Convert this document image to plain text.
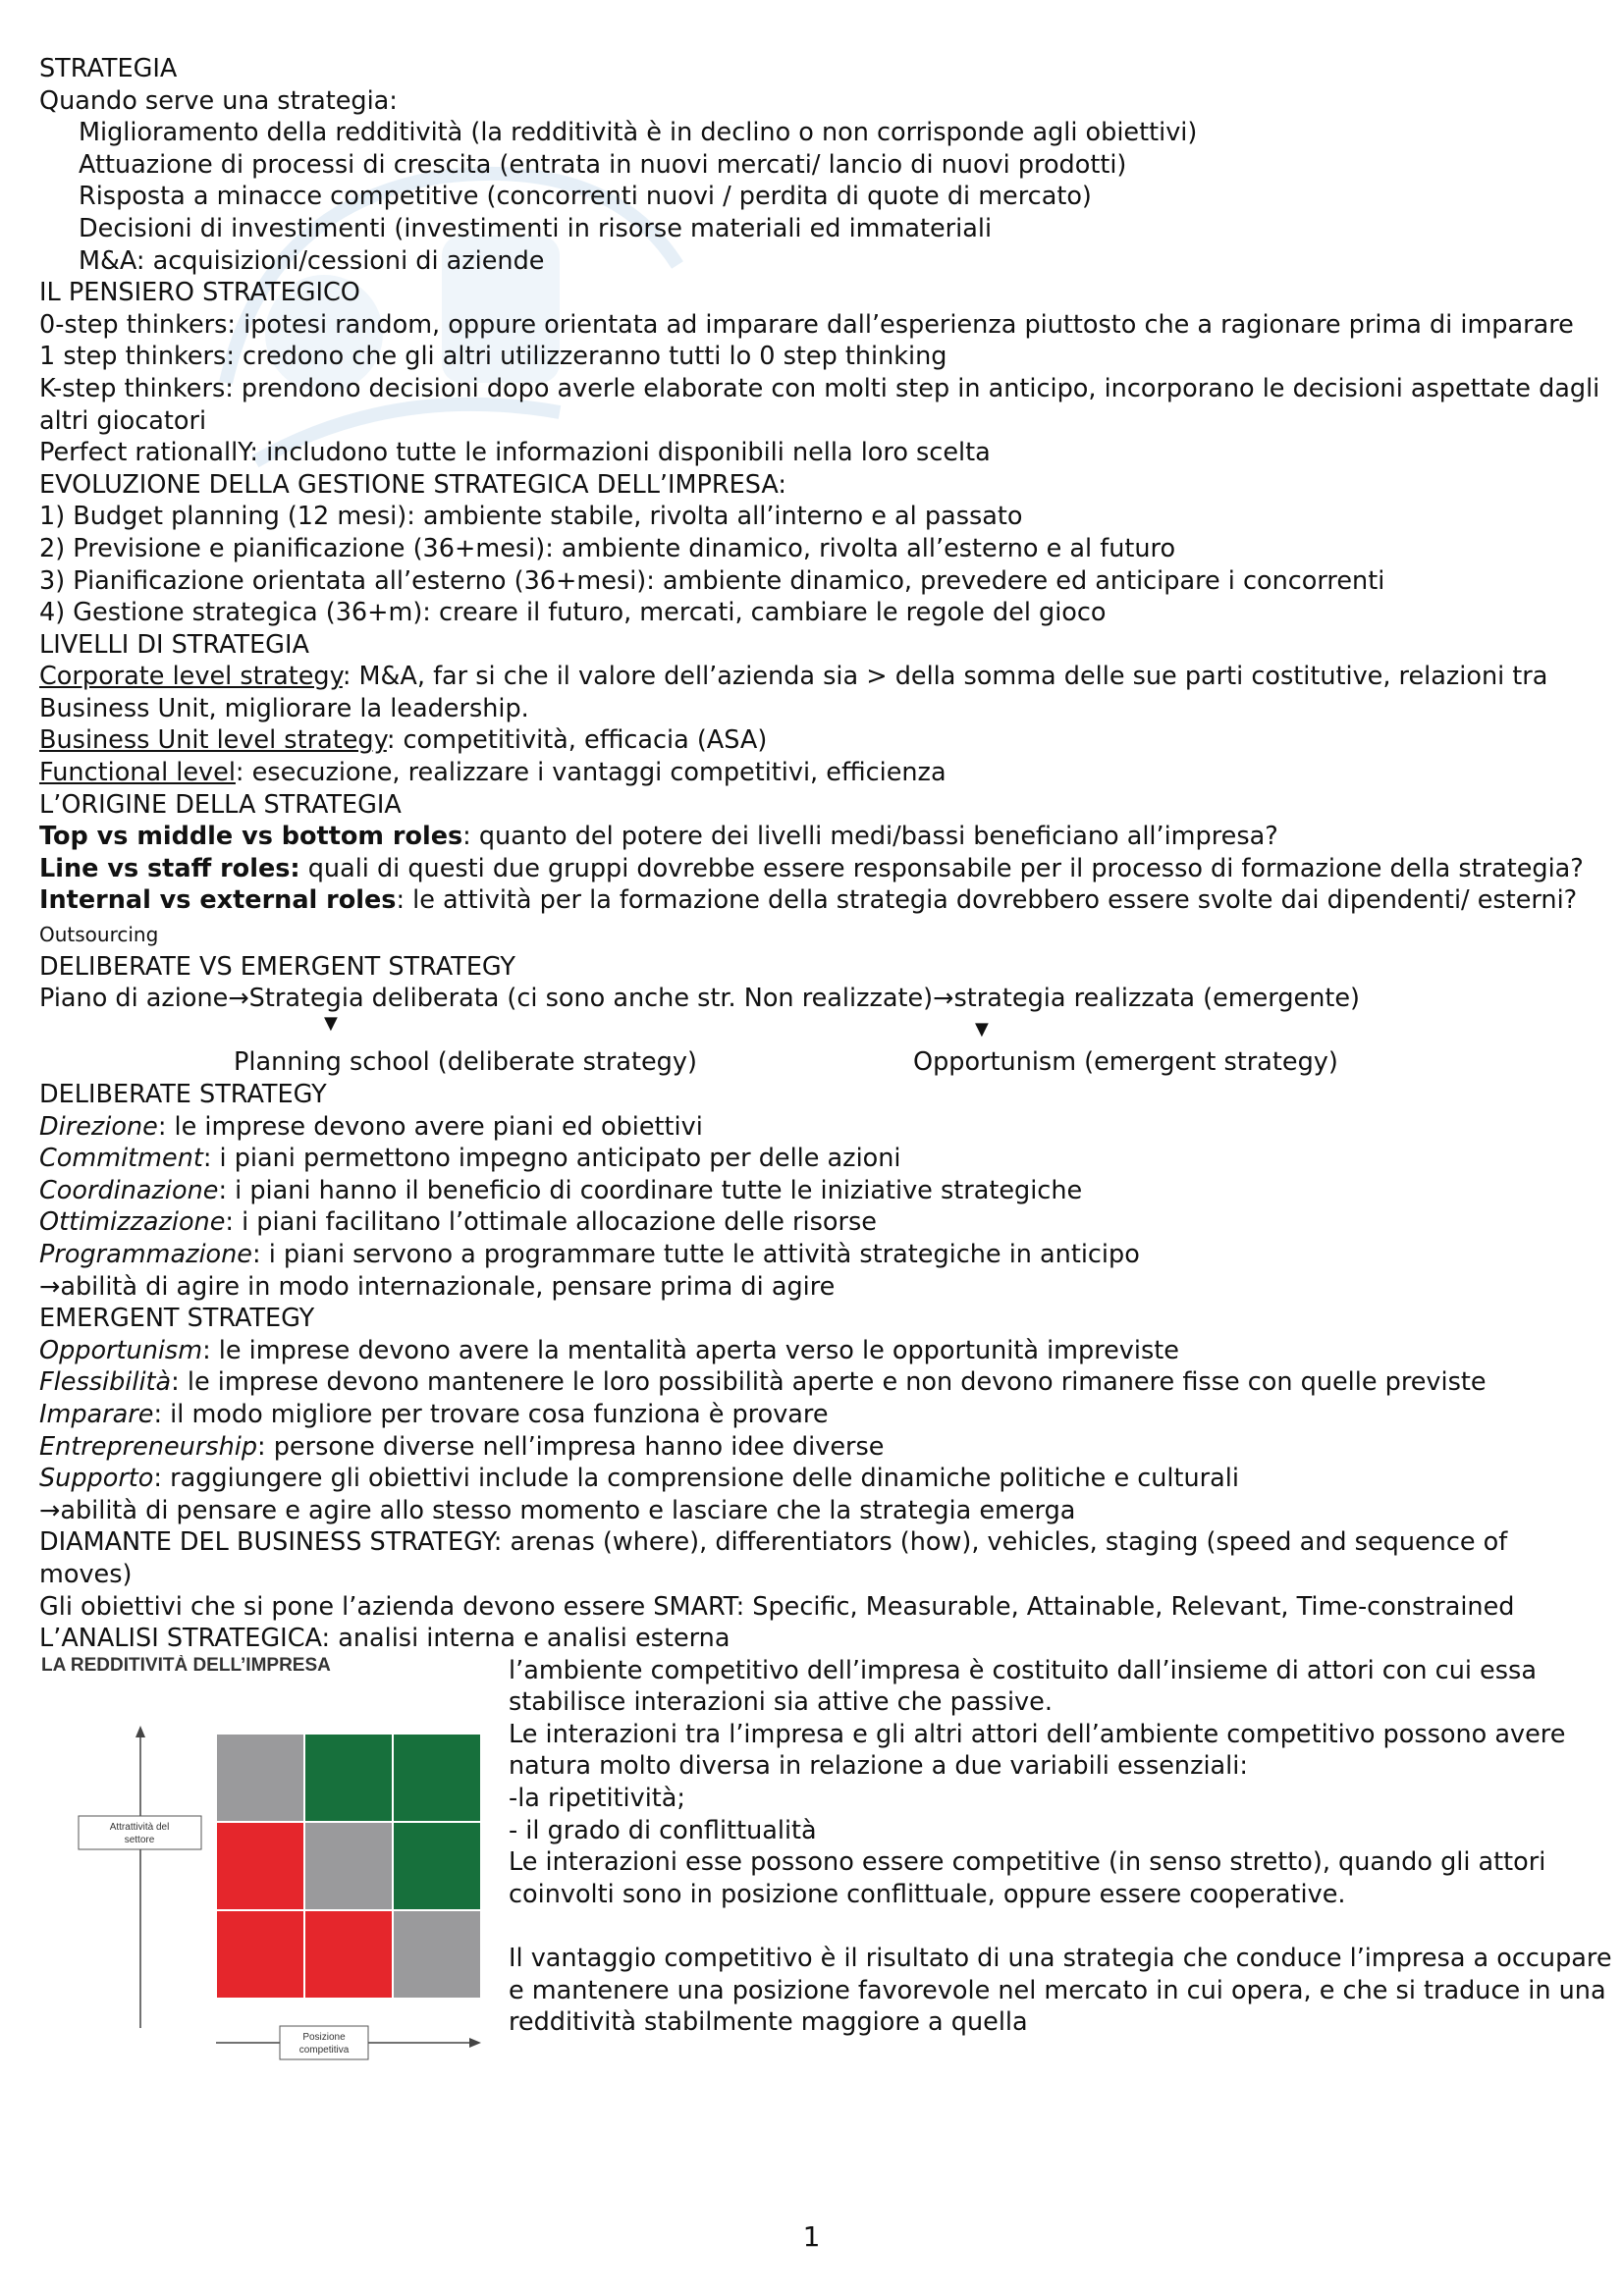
STRATEGIA

Quando serve una strategia:

Miglioramento della redditività (la redditività è in declino o non corrisponde agli obiettivi)

Attuazione di processi di crescita (entrata in nuovi mercati/ lancio di nuovi prodotti)

Risposta a minacce competitive (concorrenti nuovi / perdita di quote di mercato)

Decisioni di investimenti (investimenti in risorse materiali ed immateriali

M&A: acquisizioni/cessioni di aziende

IL PENSIERO STRATEGICO

0-step thinkers: ipotesi random, oppure orientata ad imparare dall’esperienza piuttosto che a ragionare prima di imparare

1 step thinkers: credono che gli altri utilizzeranno tutti lo 0 step thinking

K-step thinkers: prendono decisioni dopo averle elaborate con molti step in anticipo, incorporano le decisioni aspettate dagli altri giocatori

Perfect rationallY: includono tutte le informazioni disponibili nella loro scelta

EVOLUZIONE DELLA GESTIONE STRATEGICA DELL’IMPRESA:

1) Budget planning (12 mesi): ambiente stabile, rivolta all’interno e al passato

2) Previsione e pianificazione (36+mesi): ambiente dinamico, rivolta all’esterno e al futuro

3) Pianificazione orientata all’esterno (36+mesi): ambiente dinamico, prevedere ed anticipare i concorrenti

4) Gestione strategica (36+m): creare il futuro, mercati, cambiare le regole del gioco

LIVELLI DI STRATEGIA

Corporate level strategy: M&A, far si che il valore dell’azienda sia > della somma delle sue parti costitutive, relazioni tra Business Unit, migliorare la leadership.

Business Unit level strategy: competitività, efficacia (ASA)

Functional level: esecuzione, realizzare i vantaggi competitivi, efficienza

L’ORIGINE DELLA STRATEGIA

Top vs middle vs bottom roles: quanto del potere dei livelli medi/bassi beneficiano all’impresa?

Line vs staff roles: quali di questi due gruppi dovrebbe essere responsabile per il processo di formazione della strategia?

Internal vs external roles: le attività per la formazione della strategia dovrebbero essere svolte dai dipendenti/ esterni? Outsourcing

DELIBERATE VS EMERGENT STRATEGY

Piano di azione→Strategia deliberata (ci sono anche str. Non realizzate)→strategia realizzata (emergente)

▼	▼
Planning school (deliberate strategy)	Opportunism (emergent strategy)

DELIBERATE STRATEGY

Direzione: le imprese devono avere piani ed obiettivi

Commitment: i piani permettono impegno anticipato per delle azioni

Coordinazione: i piani hanno il beneficio di coordinare tutte le iniziative strategiche

Ottimizzazione: i piani facilitano l’ottimale allocazione delle risorse

Programmazione: i piani servono a programmare tutte le attività strategiche in anticipo

→abilità di agire in modo internazionale, pensare prima di agire

EMERGENT STRATEGY

Opportunism: le imprese devono avere la mentalità aperta verso le opportunità impreviste

Flessibilità: le imprese devono mantenere le loro possibilità aperte e non devono rimanere fisse con quelle previste

Imparare: il modo migliore per trovare cosa funziona è provare

Entrepreneurship: persone diverse nell’impresa hanno idee diverse

Supporto: raggiungere gli obiettivi include la comprensione delle dinamiche politiche e culturali

→abilità di pensare e agire allo stesso momento e lasciare che la strategia emerga

DIAMANTE DEL BUSINESS STRATEGY: arenas (where), differentiators (how), vehicles, staging (speed and sequence of moves)

Gli obiettivi che si pone l’azienda devono essere SMART: Specific, Measurable, Attainable, Relevant, Time-constrained

L’ANALISI STRATEGICA: analisi interna e analisi esterna

LA REDDITIVITÀ DELL’IMPRESA
Attrattività del
settore
Posizione
competitiva

l’ambiente competitivo dell’impresa è costituito dall’insieme di attori con cui essa stabilisce interazioni sia attive che passive.

Le interazioni tra l’impresa e gli altri attori dell’ambiente competitivo possono avere natura molto diversa in relazione a due variabili essenziali:

-la ripetitività;

- il grado di conflittualità

Le interazioni esse possono essere competitive (in senso stretto), quando gli attori coinvolti sono in posizione conflittuale, oppure essere cooperative.

Il vantaggio competitivo è il risultato di una strategia che conduce l’impresa a occupare e mantenere una posizione favorevole nel mercato in cui opera, e che si traduce in una redditività stabilmente maggiore a quella

1
